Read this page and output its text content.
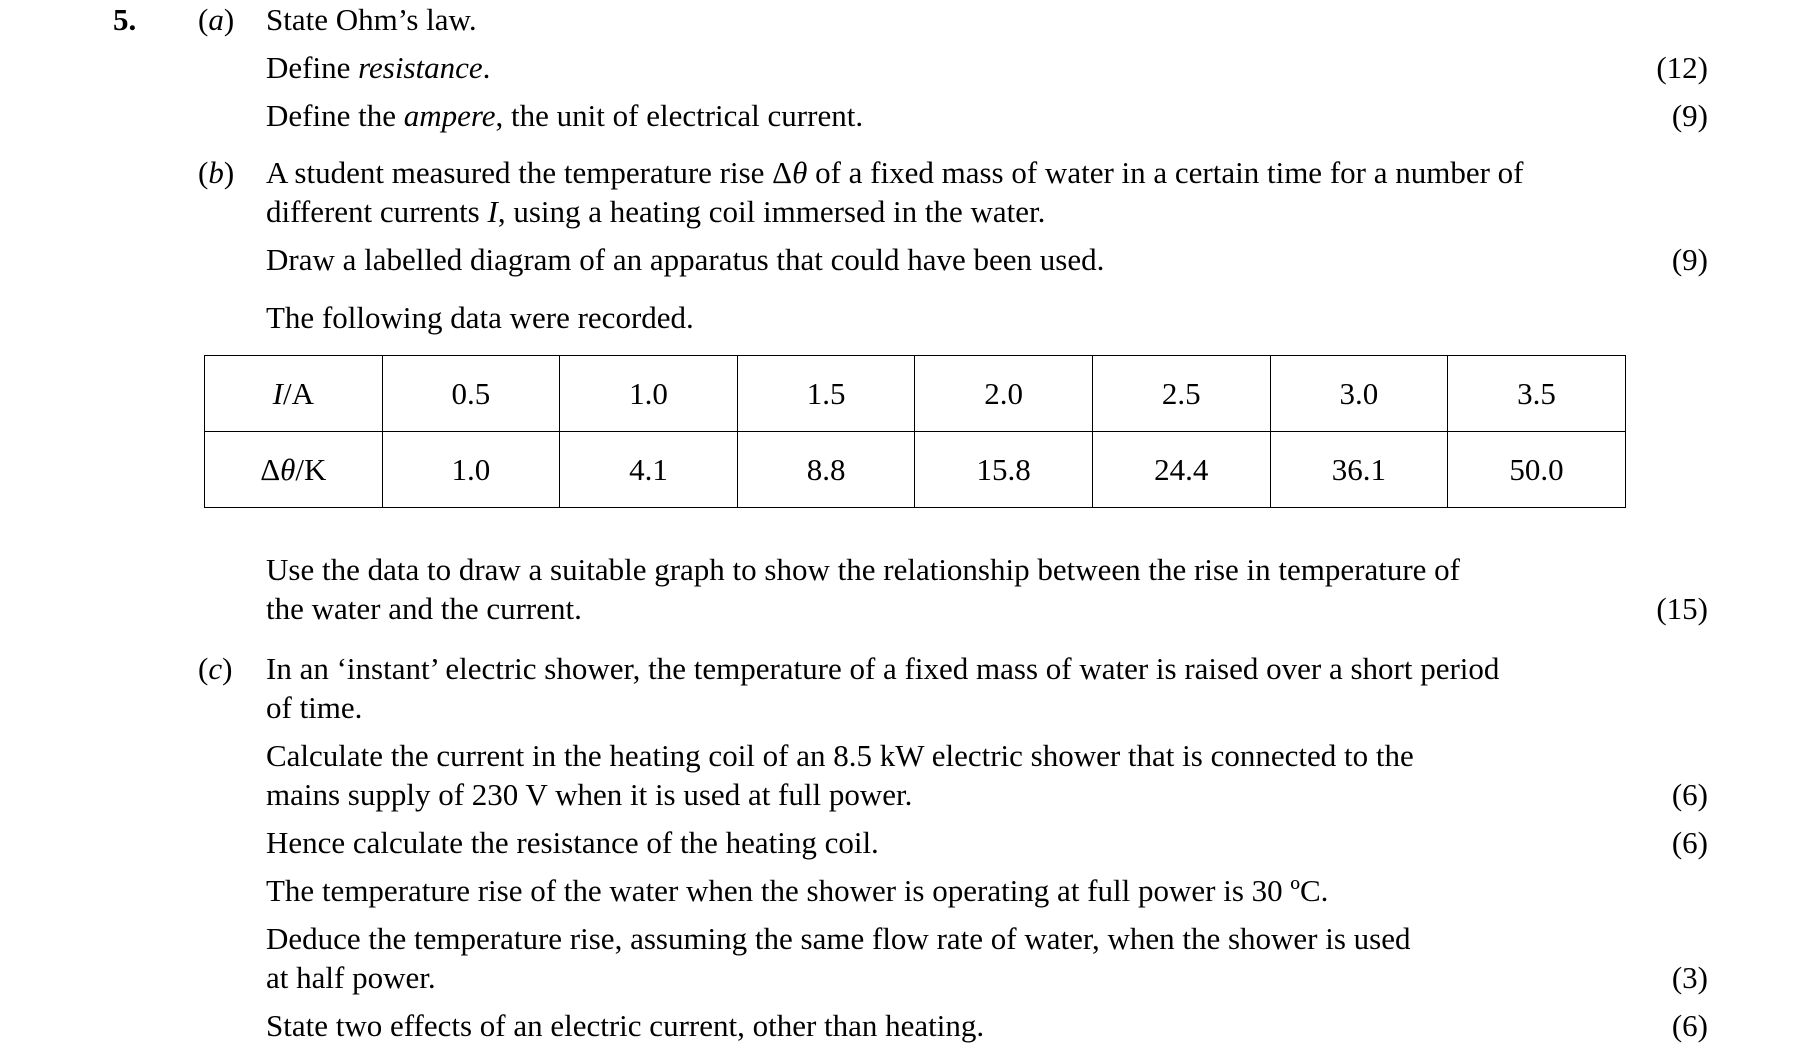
5. (a) State Ohm’s law.
Define resistance.	(12)
Define the ampere, the unit of electrical current.	(9)
(b) A student measured the temperature rise Δθ of a fixed mass of water in a certain time for a number of
different currents I, using a heating coil immersed in the water.
Draw a labelled diagram of an apparatus that could have been used.	(9)
The following data were recorded.
I/A	0.5	1.0	1.5	2.0	2.5	3.0	3.5
Δθ/K	1.0	4.1	8.8	15.8	24.4	36.1	50.0
Use the data to draw a suitable graph to show the relationship between the rise in temperature of
the water and the current.	(15)
(c) In an ‘instant’ electric shower, the temperature of a fixed mass of water is raised over a short period
of time.
Calculate the current in the heating coil of an 8.5 kW electric shower that is connected to the
mains supply of 230 V when it is used at full power.	(6)
Hence calculate the resistance of the heating coil.	(6)
The temperature rise of the water when the shower is operating at full power is 30 ºC.
Deduce the temperature rise, assuming the same flow rate of water, when the shower is used
at half power.	(3)
State two effects of an electric current, other than heating.	(6)
